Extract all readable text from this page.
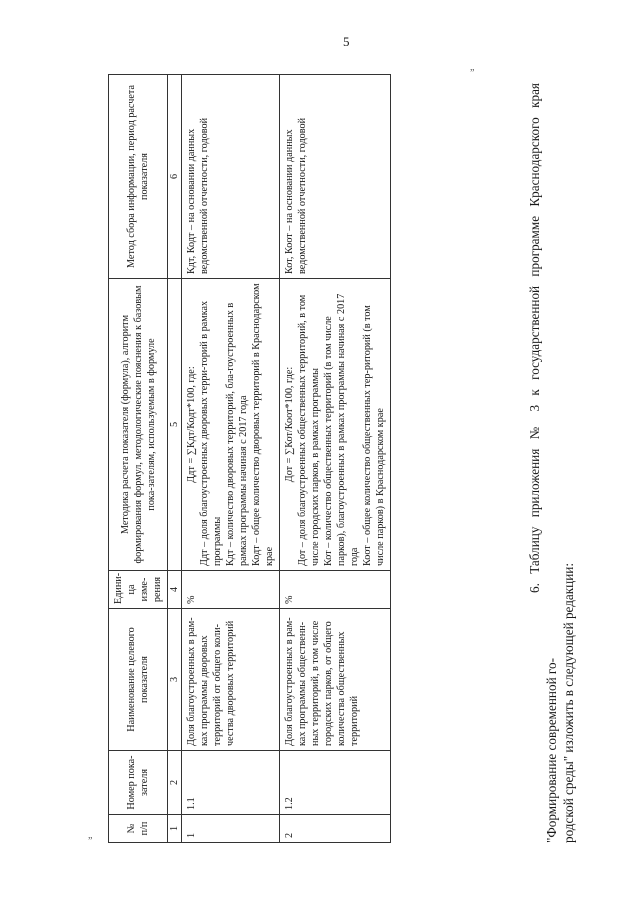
5
„
„
№ п/п	Номер пока-зателя	Наименование целевого показателя	Едини-ца изме-рения	Методика расчета показателя (формула), алгоритм формирования формул, методологические пояснения к базовым пока-зателям, используемым в формуле	Метод сбора информации, период расчета показателя
1	2	3	4	5	6
1	1.1	Доля благоустроенных в рам-ках программы дворовых территорий от общего коли-чества дворовых территорий	%	Ддт = ∑Кдт/Кодт*100, где: Ддт – доля благоустроенных дворовых терри-торий в рамках программы Кдт – количество дворовых территорий, бла-гоустроенных в рамках программы начиная с 2017 года Кодт – общее количество дворовых территорий в Краснодарском крае	Кдт, Кодт – на основании данных ведомственной отчетности, годовой
2	1.2	Доля благоустроенных в рам-ках программы общественн-ных территорий, в том числе городских парков, от общего количества общественных территорий	%	Дот = ∑Кот/Коот*100, где: Дот – доля благоустроенных общественных территорий, в том числе городских парков, в рамках программы Кот – количество общественных территорий (в том числе парков), благоустроенных в рамках программы начиная с 2017 года Коот – общее количество общественных тер-риторий (в том числе парков) в Краснодарском крае	Кот, Коот – на основании данных ведомственной отчетности, годовой	6. Таблицу приложения № 3 к государственной программе Краснодарского края "Формирование современной го- родской среды" изложить в следующей редакции:
